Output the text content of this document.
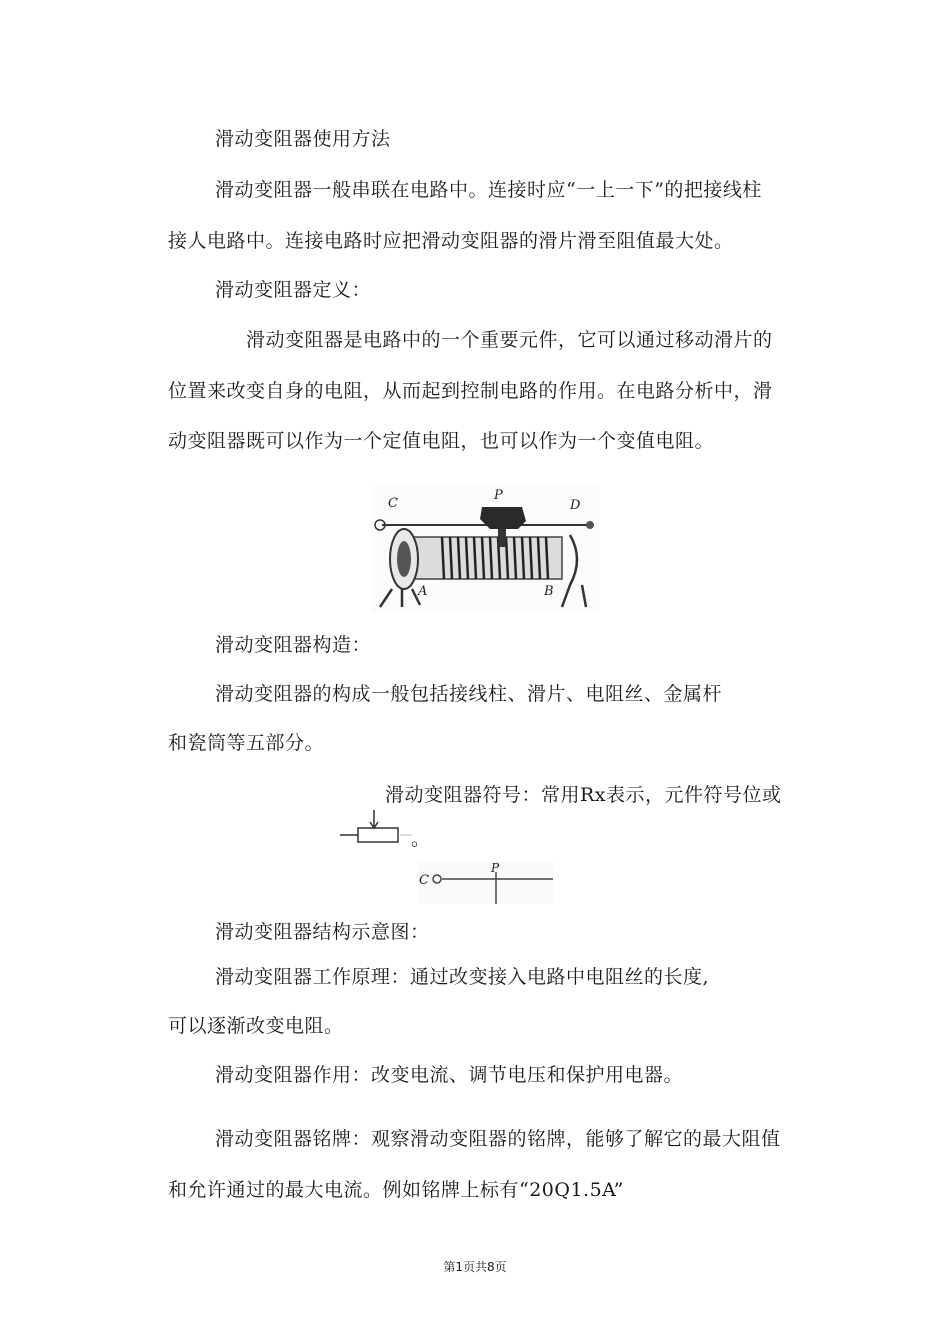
滑动变阻器使用方法
滑动变阻器一般串联在电路中。连接时应“一上一下”的把接线柱
接人电路中。连接电路时应把滑动变阻器的滑片滑至阻值最大处。
滑动变阻器定义：
滑动变阻器是电路中的一个重要元件，它可以通过移动滑片的
位置来改变自身的电阻，从而起到控制电路的作用。在电路分析中，滑
动变阻器既可以作为一个定值电阻，也可以作为一个变值电阻。
C
P
D
A	B
滑动变阻器构造：
滑动变阻器的构成一般包括接线柱、滑片、电阻丝、金属杆
和瓷筒等五部分。
滑动变阻器符号：常用Rx表示，元件符号位或
。
C
P
滑动变阻器结构示意图：
滑动变阻器工作原理：通过改变接入电路中电阻丝的长度,
可以逐渐改变电阻。
滑动变阻器作用：改变电流、调节电压和保护用电器。
滑动变阻器铭牌：观察滑动变阻器的铭牌，能够了解它的最大阻值
和允许通过的最大电流。例如铭牌上标有“20Q1.5A”
第1页共8页
